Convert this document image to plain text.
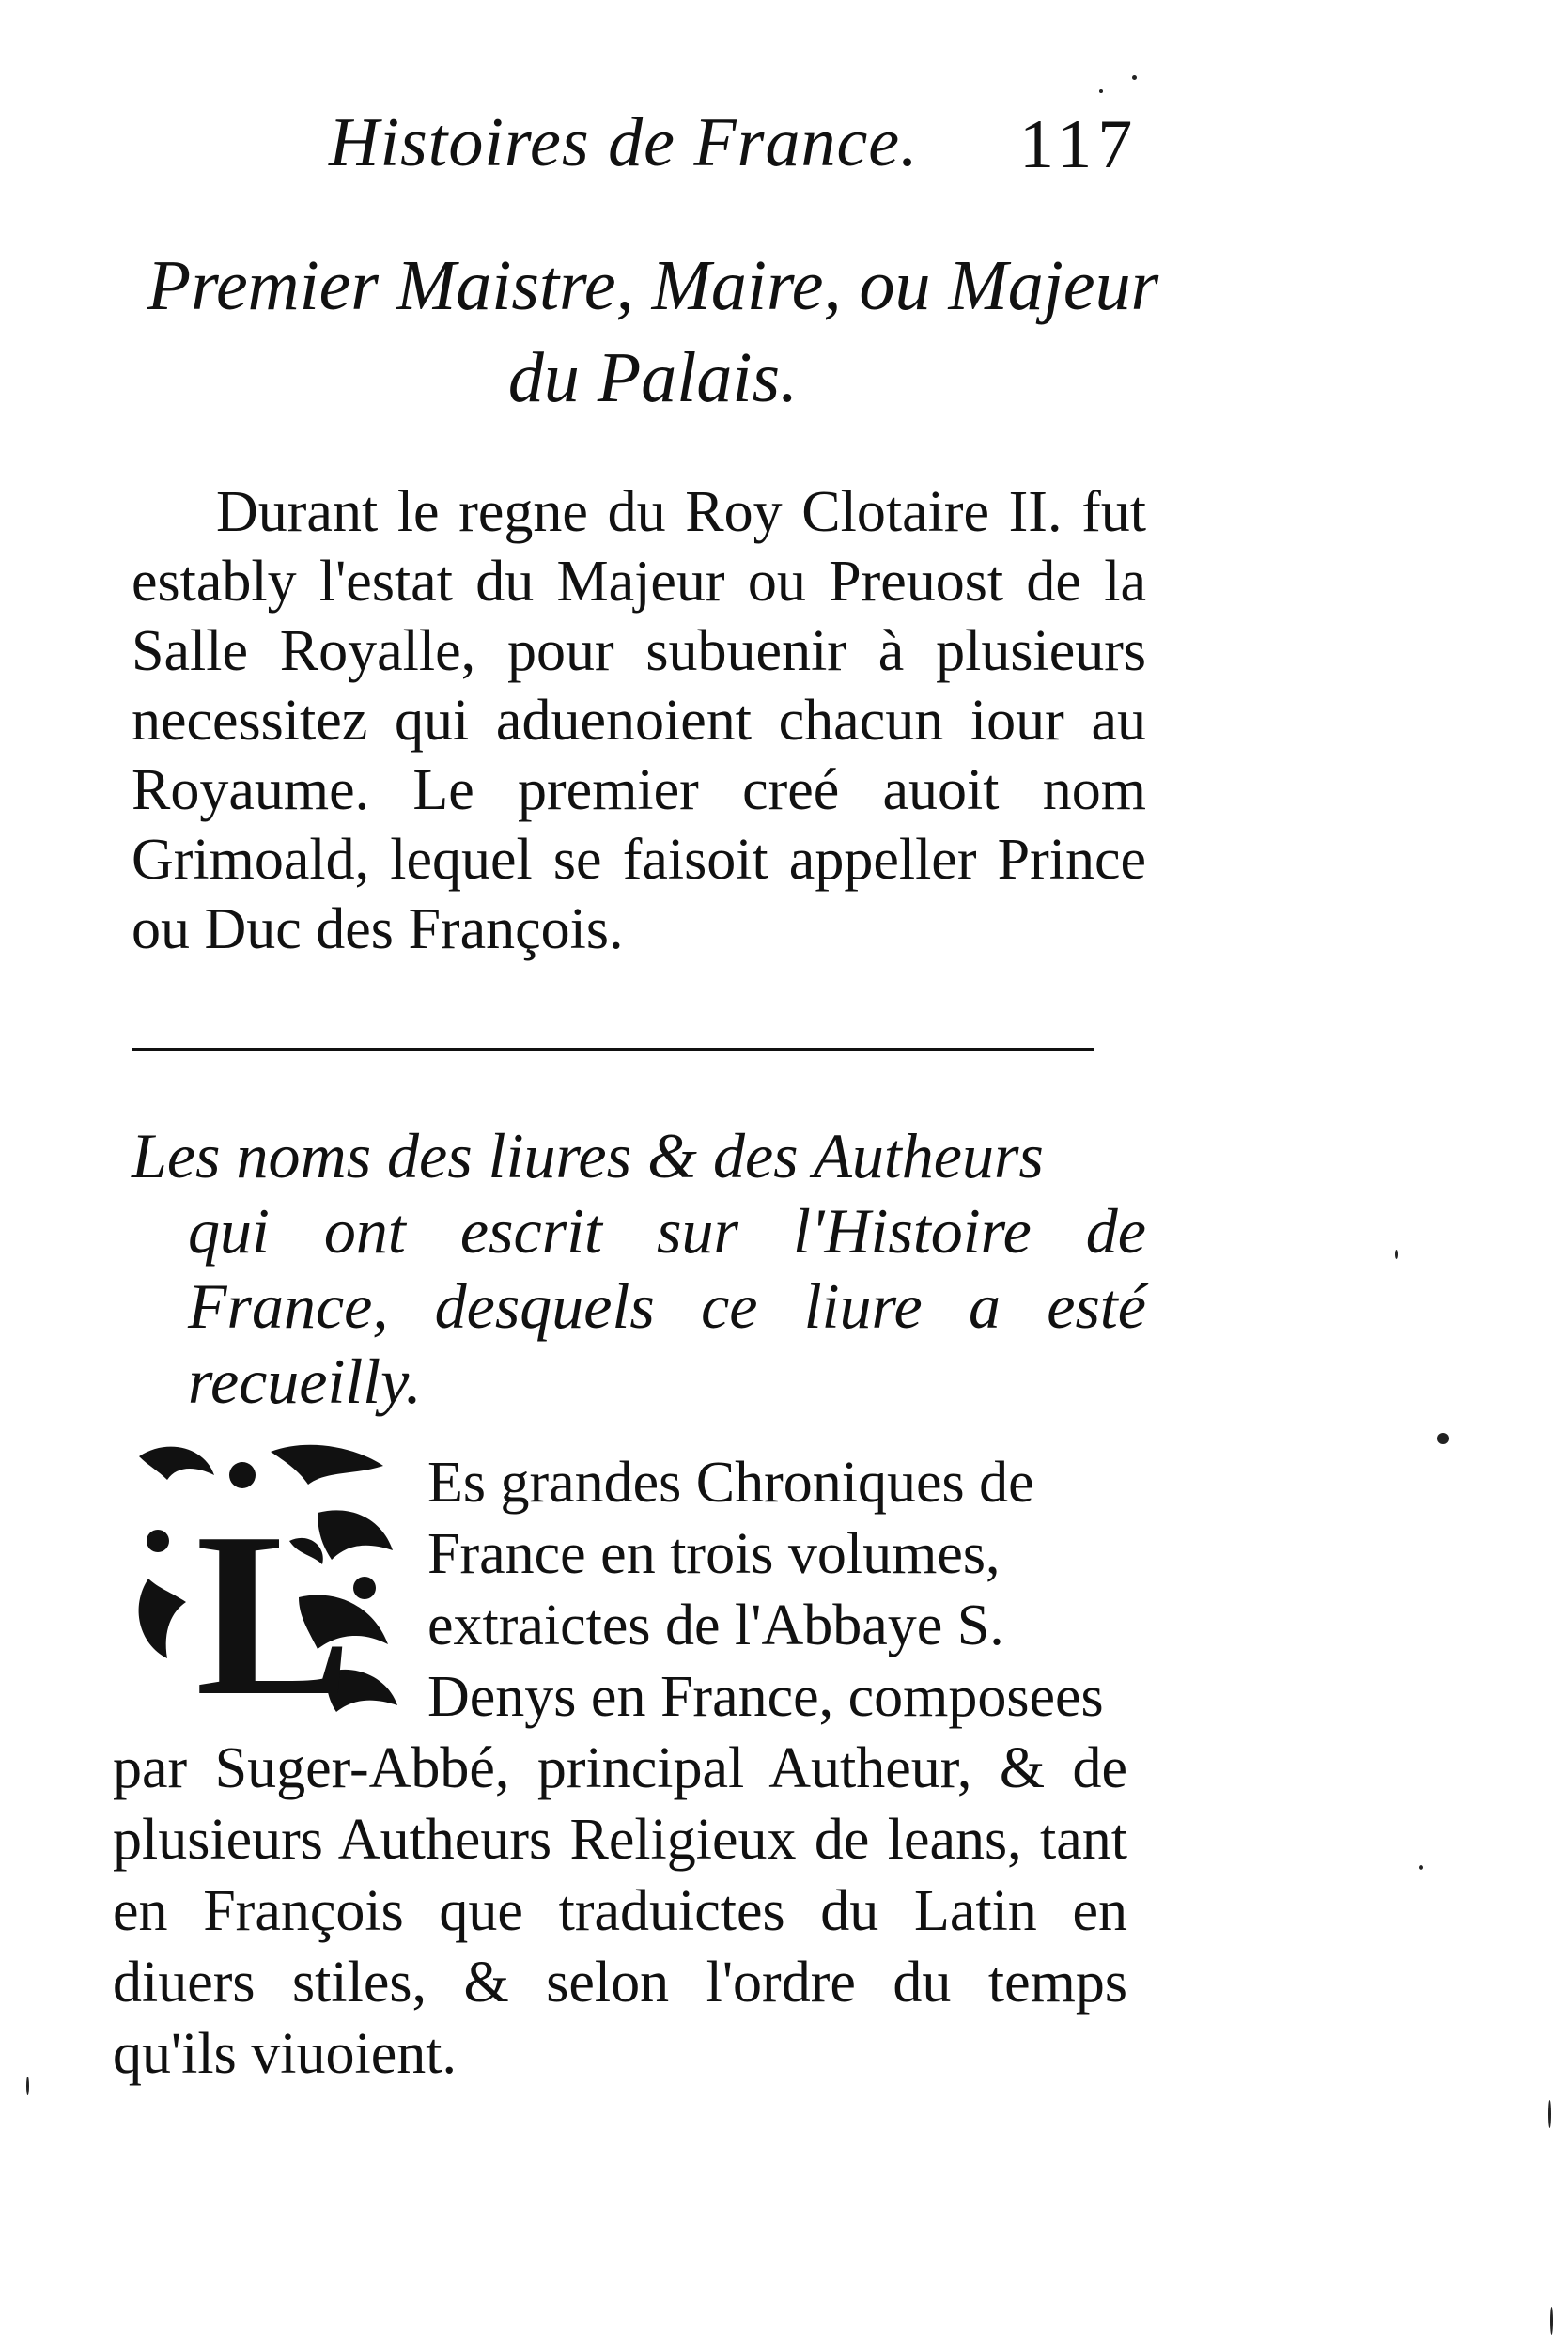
Histoires de France. 117
Premier Maistre, Maire, ou Majeur du Palais.
Durant le regne du Roy Clotaire II. fut estably l'estat du Majeur ou Preuost de la Salle Royalle, pour subuenir à plusieurs necessitez qui aduenoient chacun iour au Royaume. Le premier creé auoit nom Grimoald, lequel se faisoit appeller Prince ou Duc des François.
Les noms des liures & des Autheurs
qui ont escrit sur l'Histoire de France, desquels ce liure a esté recueilly.
L
Es grandes Chroniques de France en trois volumes, extraictes de l'Abbaye S. Denys en France, composees
par Suger-Abbé, principal Autheur, & de plusieurs Autheurs Religieux de leans, tant en François que traduictes du Latin en diuers stiles, & selon l'ordre du temps qu'ils viuoient.
